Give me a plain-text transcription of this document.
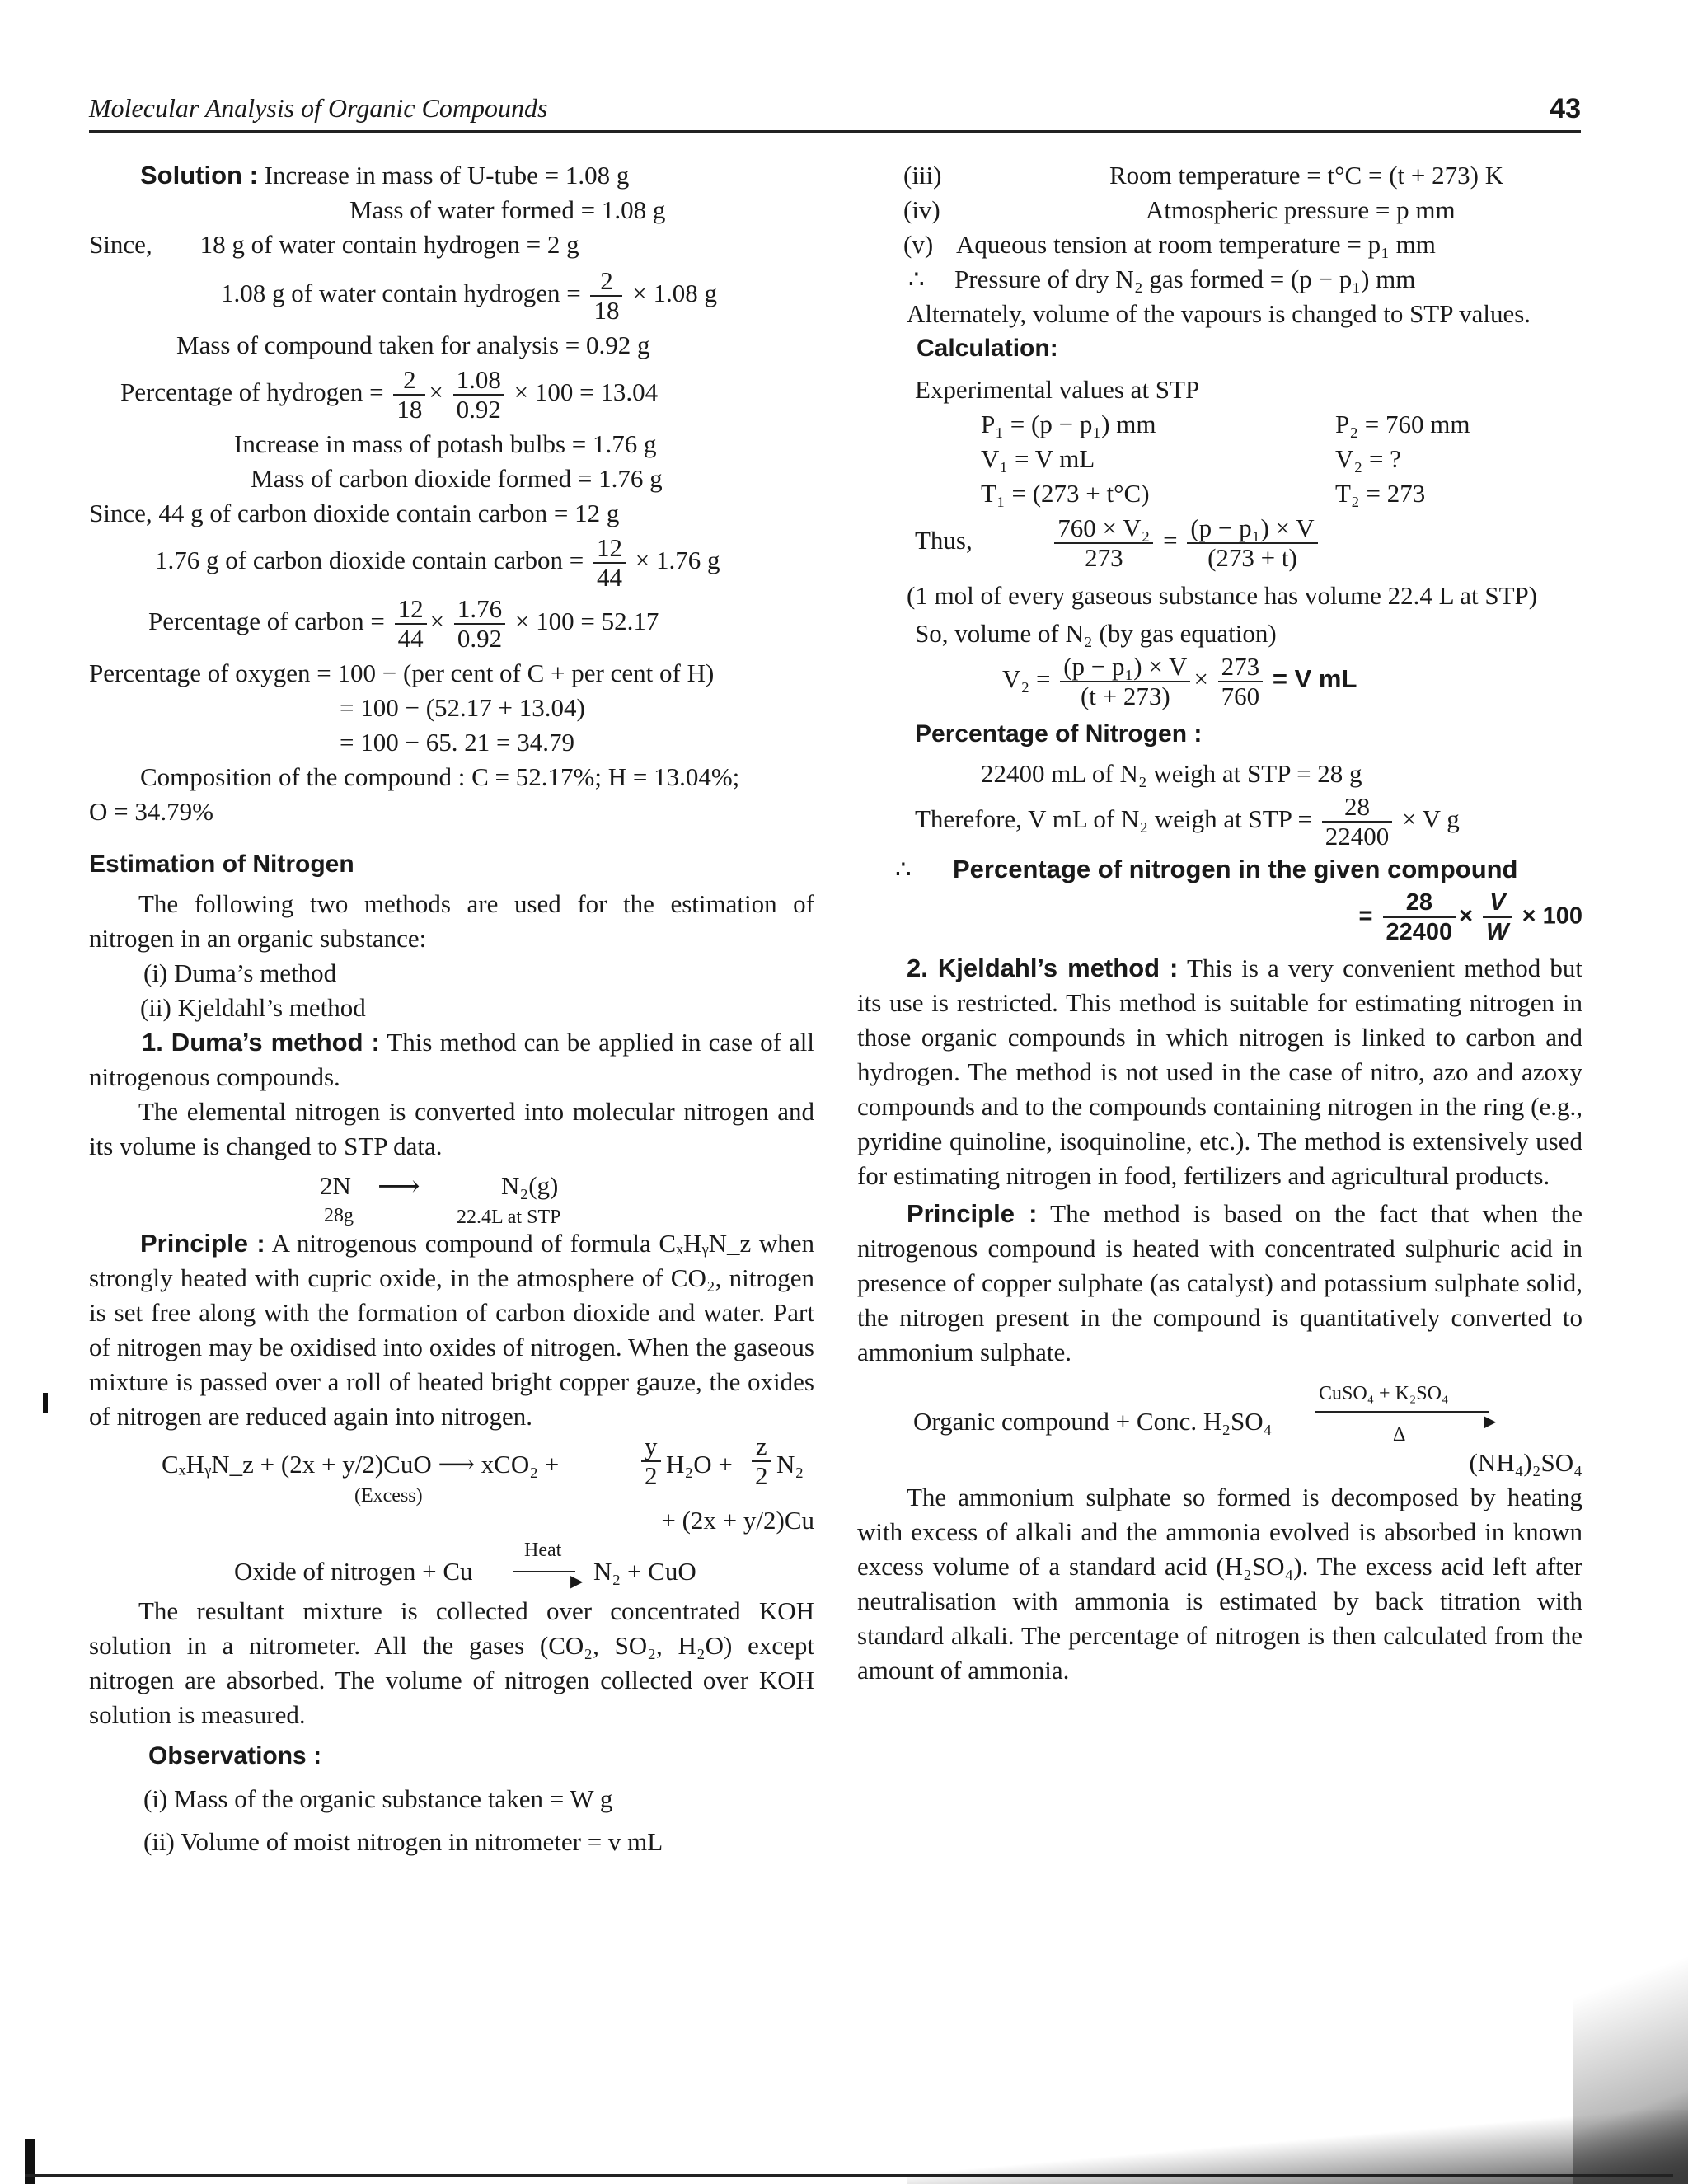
Molecular Analysis of Organic Compounds	43

Solution : Increase in mass of U-tube = 1.08 g

Mass of water formed = 1.08 g

Since, 18 g of water contain hydrogen = 2 g

1.08 g of water contain hydrogen = $\frac{2}{18} \times 1.08$ g

Mass of compound taken for analysis = 0.92 g

Percentage of hydrogen = $\frac{2}{18} \times \frac{1.08}{0.92} \times 100 = 13.04$

Increase in mass of potash bulbs = 1.76 g

Mass of carbon dioxide formed = 1.76 g

Since, 44 g of carbon dioxide contain carbon = 12 g

1.76 g of carbon dioxide contain carbon = $\frac{12}{44} \times 1.76$ g

Percentage of carbon = $\frac{12}{44} \times \frac{1.76}{0.92} \times 100 = 52.17$

Percentage of oxygen = 100 − (per cent of C + per cent of H)

= 100 − (52.17 + 13.04)

= 100 − 65. 21 = 34.79

Composition of the compound : C = 52.17%; H = 13.04%;

O = 34.79%

Estimation of Nitrogen

The following two methods are used for the estimation of nitrogen in an organic substance:

(i) Duma’s method

(ii) Kjeldahl’s method

1. Duma’s method : This method can be applied in case of all nitrogenous compounds.

The elemental nitrogen is converted into molecular nitrogen and its volume is changed to STP data.

2N ⟶	N₂(g)
28g	22.4L at STP

Principle : A nitrogenous compound of formula CₓHᵧN_z when strongly heated with cupric oxide, in the atmosphere of CO₂, nitrogen is set free along with the formation of carbon dioxide and water. Part of nitrogen may be oxidised into oxides of nitrogen. When the gaseous mixture is passed over a roll of heated bright copper gauze, the oxides of nitrogen are reduced again into nitrogen.

CₓHᵧN_z + (2x + y/2)CuO ⟶ xCO₂ +	$\frac{y}{2} H_2O + \frac{z}{2} N_2$
(Excess)
+ (2x + y/2)Cu
Oxide of nitrogen + Cu
Heat
▶ N₂ + CuO

The resultant mixture is collected over concentrated KOH solution in a nitrometer. All the gases (CO₂, SO₂, H₂O) except nitrogen are absorbed. The volume of nitrogen collected over KOH solution is measured.

Observations :

(i) Mass of the organic substance taken = W g

(ii) Volume of moist nitrogen in nitrometer = v mL

(iii)	Room temperature = t°C = (t + 273) K

(iv)	Atmospheric pressure = p mm

(v) Aqueous tension at room temperature = p₁ mm

∴ Pressure of dry N₂ gas formed = (p − p₁) mm

Alternately, volume of the vapours is changed to STP values.

Calculation:

Experimental values at STP

P₁ = (p − p₁) mm	P₂ = 760 mm
V₁ = V mL	V₂ = ?
T₁ = (273 + t°C)	T₂ = 273

Thus,	$\frac{\text{760 × V₂}}{273} = \frac{\text{(p − p₁) × V}}{(273 + t)}$

(1 mol of every gaseous substance has volume 22.4 L at STP)

So, volume of N₂ (by gas equation)

$V_2 = \frac{\text{(p − p₁) × V}}{(t + 273)} \times \frac{273}{760} = V$ mL

Percentage of Nitrogen :

22400 mL of N₂ weigh at STP = 28 g

Therefore, V mL of N₂ weigh at STP = $\frac{28}{22400} \times V$ g

∴ Percentage of nitrogen in the given compound

= $\frac{28}{22400} \times \frac{V}{W} \times 100$

2. Kjeldahl’s method : This is a very convenient method but its use is restricted. This method is suitable for estimating nitrogen in those organic compounds in which nitrogen is linked to carbon and hydrogen. The method is not used in the case of nitro, azo and azoxy compounds and to the compounds containing nitrogen in the ring (e.g., pyridine quinoline, isoquinoline, etc.). The method is extensively used for estimating nitrogen in food, fertilizers and agricultural products.

Principle : The method is based on the fact that when the nitrogenous compound is heated with concentrated sulphuric acid in presence of copper sulphate (as catalyst) and potassium sulphate solid, the nitrogen present in the compound is quantitatively converted to ammonium sulphate.

Organic compound + Conc. H₂SO₄
CuSO₄ + K₂SO₄
▶
Δ
(NH₄)₂SO₄

The ammonium sulphate so formed is decomposed by heating with excess of alkali and the ammonia evolved is absorbed in known excess volume of a standard acid (H₂SO₄). The excess acid left after neutralisation with ammonia is estimated by back titration with standard alkali. The percentage of nitrogen is then calculated from the amount of ammonia.
